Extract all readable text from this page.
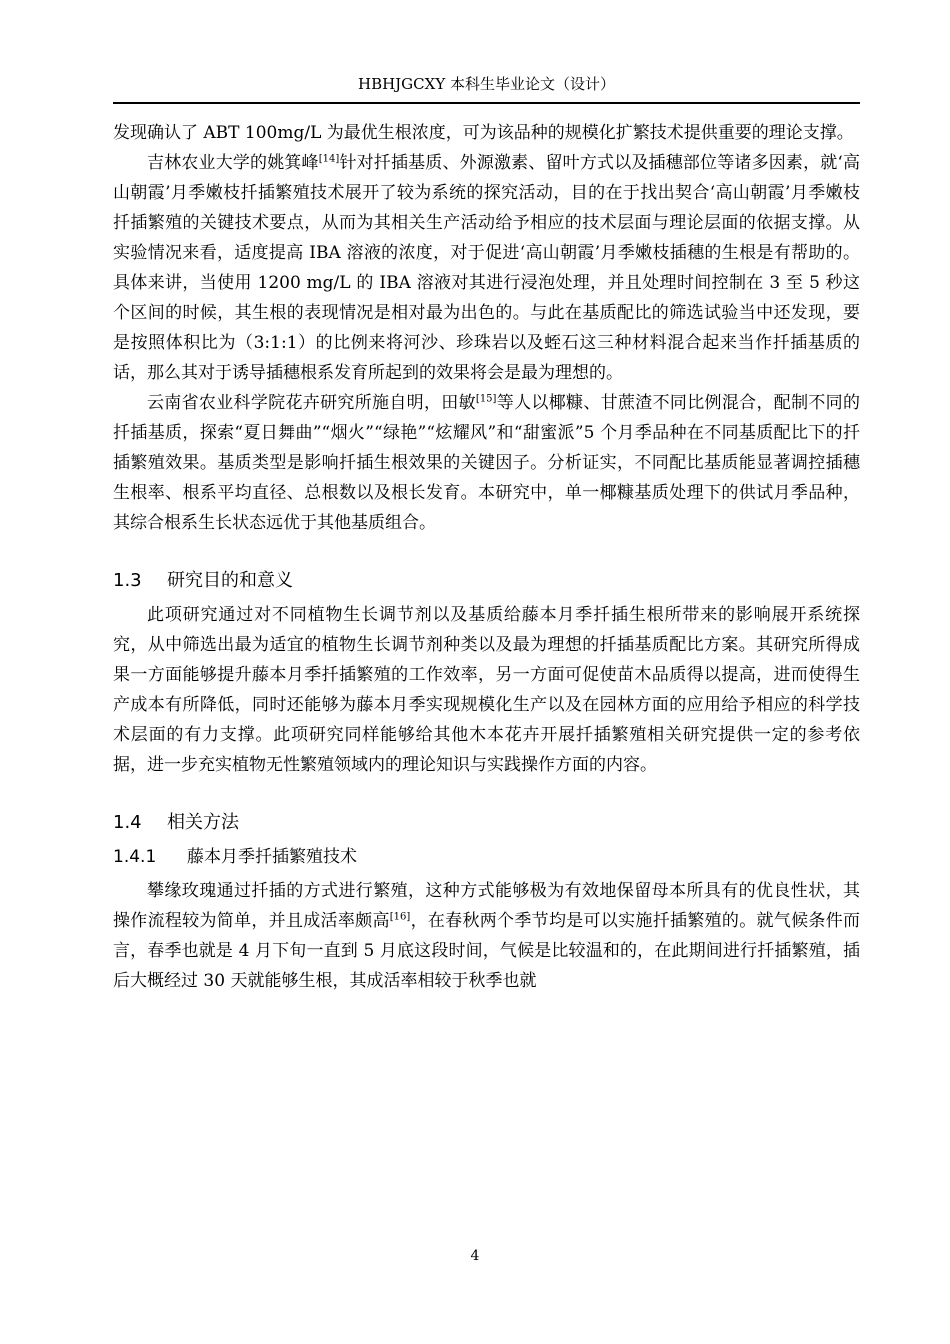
HBHJGCXY 本科生毕业论文（设计）

发现确认了 ABT 100mg/L 为最优生根浓度，可为该品种的规模化扩繁技术提供重要的理论支撑。

吉林农业大学的姚箕峰[14]针对扦插基质、外源激素、留叶方式以及插穗部位等诸多因素，就‘高山朝霞’月季嫩枝扦插繁殖技术展开了较为系统的探究活动，目的在于找出契合‘高山朝霞’月季嫩枝扦插繁殖的关键技术要点，从而为其相关生产活动给予相应的技术层面与理论层面的依据支撑。从实验情况来看，适度提高 IBA 溶液的浓度，对于促进‘高山朝霞’月季嫩枝插穗的生根是有帮助的。具体来讲，当使用 1200 mg/L 的 IBA 溶液对其进行浸泡处理，并且处理时间控制在 3 至 5 秒这个区间的时候，其生根的表现情况是相对最为出色的。与此在基质配比的筛选试验当中还发现，要是按照体积比为（3:1:1）的比例来将河沙、珍珠岩以及蛭石这三种材料混合起来当作扦插基质的话，那么其对于诱导插穗根系发育所起到的效果将会是最为理想的。

云南省农业科学院花卉研究所施自明，田敏[15]等人以椰糠、甘蔗渣不同比例混合，配制不同的扦插基质，探索“夏日舞曲”“烟火”“绿艳”“炫耀风”和“甜蜜派”5 个月季品种在不同基质配比下的扦插繁殖效果。基质类型是影响扦插生根效果的关键因子。分析证实，不同配比基质能显著调控插穗生根率、根系平均直径、总根数以及根长发育。本研究中，单一椰糠基质处理下的供试月季品种，其综合根系生长状态远优于其他基质组合。

1.3 研究目的和意义

此项研究通过对不同植物生长调节剂以及基质给藤本月季扦插生根所带来的影响展开系统探究，从中筛选出最为适宜的植物生长调节剂种类以及最为理想的扦插基质配比方案。其研究所得成果一方面能够提升藤本月季扦插繁殖的工作效率，另一方面可促使苗木品质得以提高，进而使得生产成本有所降低，同时还能够为藤本月季实现规模化生产以及在园林方面的应用给予相应的科学技术层面的有力支撑。此项研究同样能够给其他木本花卉开展扦插繁殖相关研究提供一定的参考依据，进一步充实植物无性繁殖领域内的理论知识与实践操作方面的内容。

1.4 相关方法
1.4.1 藤本月季扦插繁殖技术

攀缘玫瑰通过扦插的方式进行繁殖，这种方式能够极为有效地保留母本所具有的优良性状，其操作流程较为简单，并且成活率颇高[16]，在春秋两个季节均是可以实施扦插繁殖的。就气候条件而言，春季也就是 4 月下旬一直到 5 月底这段时间，气候是比较温和的，在此期间进行扦插繁殖，插后大概经过 30 天就能够生根，其成活率相较于秋季也就

4
